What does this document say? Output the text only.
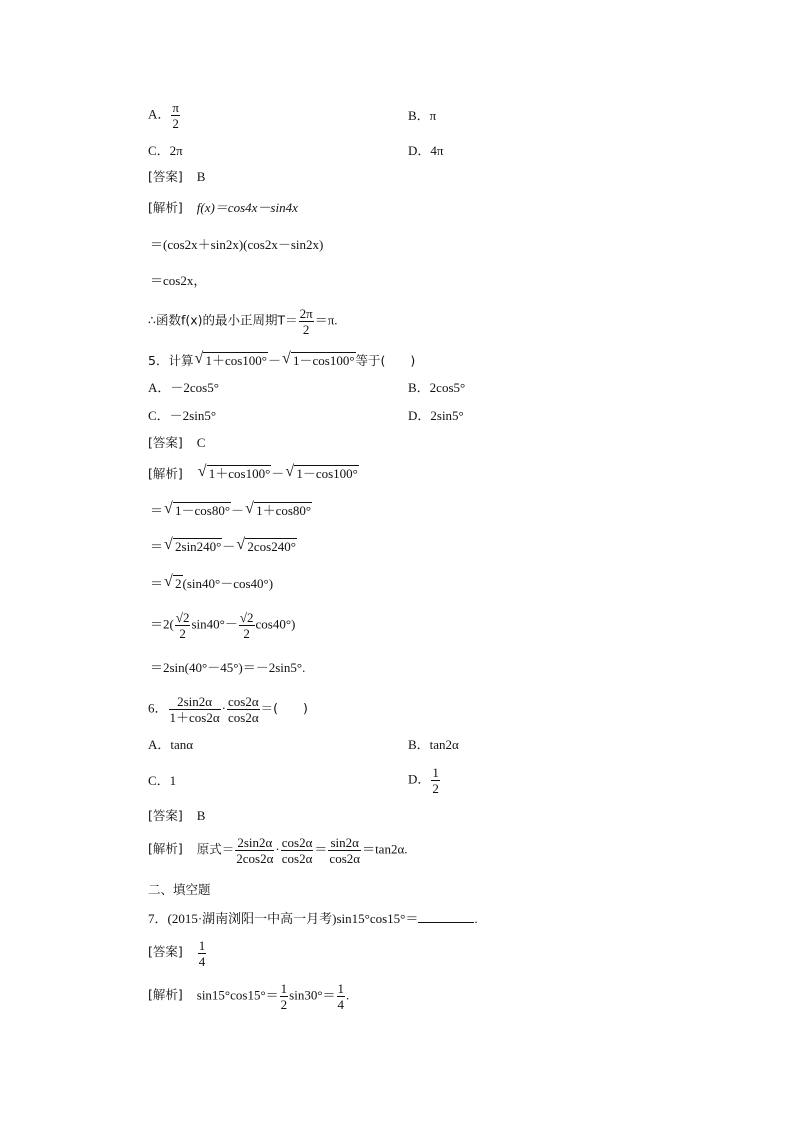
A． $\frac{\pi}{2}$	B．π
C．2π	D．4π
[答案] B
[解析] f(x)＝cos4x－sin4x
＝(cos2x＋sin2x)(cos2x－sin2x)
＝cos2x，
∴函数f(x)的最小正周期$T= \frac{2\pi}{2} =\pi$.
5．计算 √ 1＋cos100°－ √ 1－cos100°等于(　　)
A．－2cos5°	B．2cos5°
C．－2sin5°	D．2sin5°
[答案] C
[解析] √ 1＋cos100°－ √ 1－cos100°
＝ √ 1－cos80°－ √ 1＋cos80°
＝ √ 2sin240°－ √ 2cos240°
＝ √ 2(sin40°－cos40°)
$=2( \frac{√2}{2} \sin 40^\circ- \frac{√2}{2} \cos 40^\circ)$
＝2sin(40°－45°)＝－2sin5°.
6． $\frac{2\sin 2\alpha}{1+\cos 2\alpha} \cdot \frac{\cos 2\alpha}{\cos 2\alpha}$ ＝(　　)
A．tanα	B．tan2α
C．1	D． $\frac{1}{2}$
[答案] B
[解析] 原式＝ $\frac{2\sin 2\alpha}{2\cos 2\alpha} \cdot \frac{\cos 2\alpha}{\cos 2\alpha} = \frac{\sin 2\alpha}{\cos 2\alpha} =\tan 2\alpha$.
二、填空题
7．(2015·湖南浏阳一中高一月考)sin15°cos15°＝	.
[答案] $\frac{1}{4}$
[解析] $\sin 15^\circ\cos 15^\circ= \frac{1}{2} \sin 30^\circ= \frac{1}{4}$ .
